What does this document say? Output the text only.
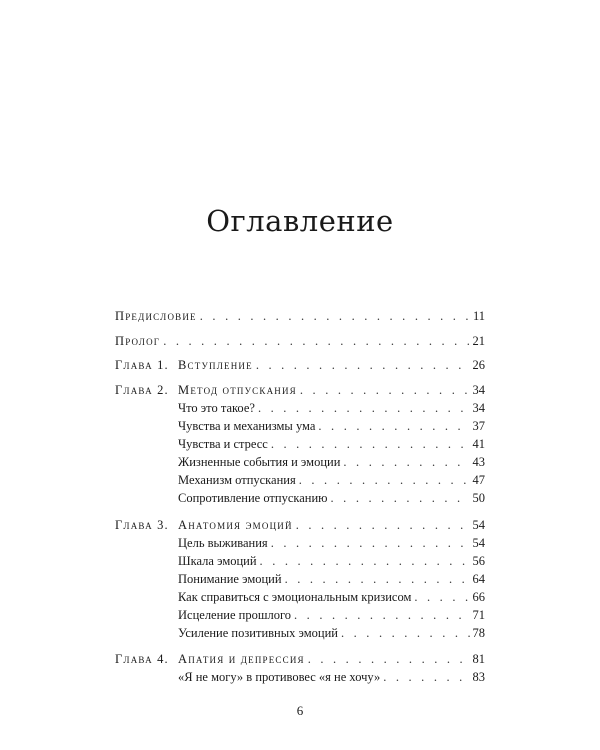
Оглавление
Предисловие . . .	11
Пролог . . .	21
Глава 1. Вступление . . .	26
Глава 2. Метод отпускания . . .	34
Что это такое? . . .	34
Чувства и механизмы ума . . .	37
Чувства и стресс . . .	41
Жизненные события и эмоции . . .	43
Механизм отпускания . . .	47
Сопротивление отпусканию . . .	50
Глава 3. Анатомия эмоций . . .	54
Цель выживания . . .	54
Шкала эмоций . . .	56
Понимание эмоций . . .	64
Как справиться с эмоциональным кризисом . . .	66
Исцеление прошлого . . .	71
Усиление позитивных эмоций . . .	78
Глава 4. Апатия и депрессия . . .	81
«Я не могу» в противовес «я не хочу» . . .	83
6
